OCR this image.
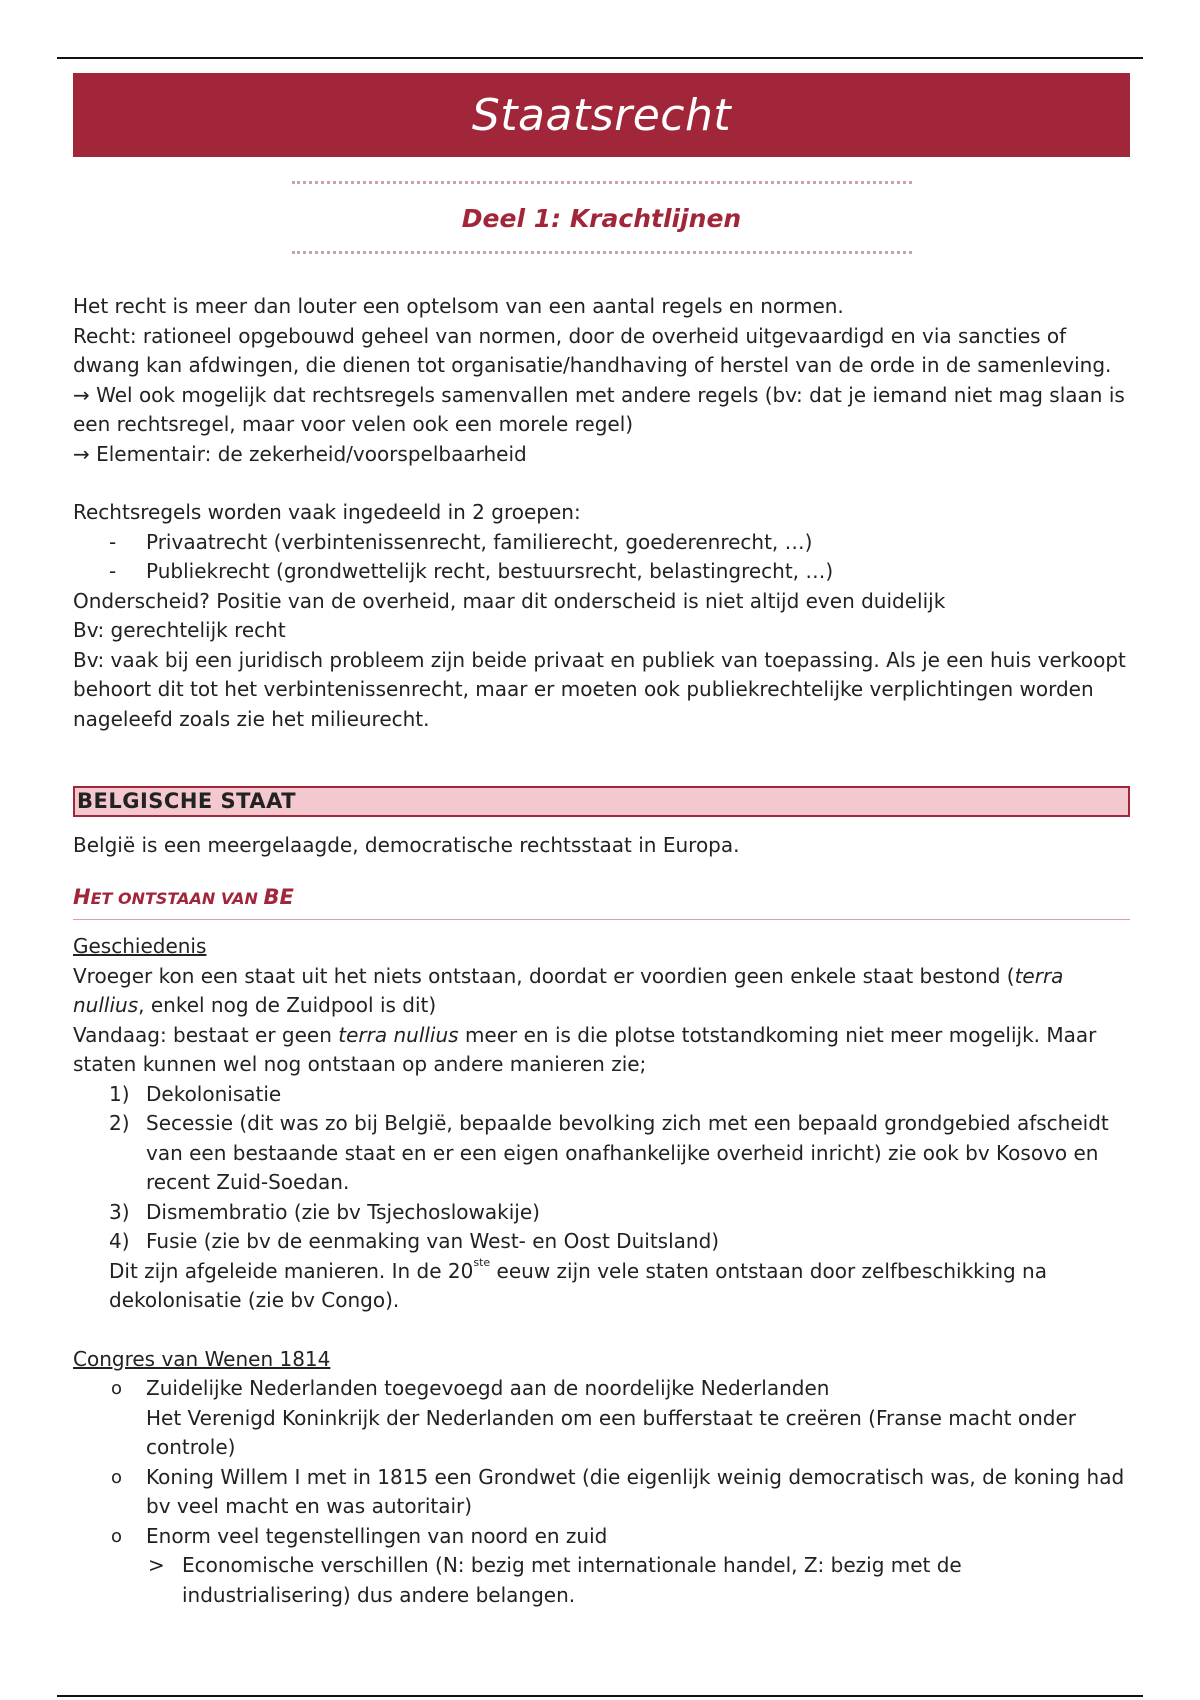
Staatsrecht
Deel 1: Krachtlijnen

Het recht is meer dan louter een optelsom van een aantal regels en normen.

Recht: rationeel opgebouwd geheel van normen, door de overheid uitgevaardigd en via sancties of dwang kan afdwingen, die dienen tot organisatie/handhaving of herstel van de orde in de samenleving.

→ Wel ook mogelijk dat rechtsregels samenvallen met andere regels (bv: dat je iemand niet mag slaan is een rechtsregel, maar voor velen ook een morele regel)

→ Elementair: de zekerheid/voorspelbaarheid

Rechtsregels worden vaak ingedeeld in 2 groepen:

- Privaatrecht (verbintenissenrecht, familierecht, goederenrecht, …)
- Publiekrecht (grondwettelijk recht, bestuursrecht, belastingrecht, …)

Onderscheid? Positie van de overheid, maar dit onderscheid is niet altijd even duidelijk

Bv: gerechtelijk recht

Bv: vaak bij een juridisch probleem zijn beide privaat en publiek van toepassing. Als je een huis verkoopt behoort dit tot het verbintenissenrecht, maar er moeten ook publiekrechtelijke verplichtingen worden nageleefd zoals zie het milieurecht.

BELGISCHE STAAT

België is een meergelaagde, democratische rechtsstaat in Europa.

HET ONTSTAAN VAN BE

Geschiedenis

Vroeger kon een staat uit het niets ontstaan, doordat er voordien geen enkele staat bestond (terra nullius, enkel nog de Zuidpool is dit)

Vandaag: bestaat er geen terra nullius meer en is die plotse totstandkoming niet meer mogelijk. Maar staten kunnen wel nog ontstaan op andere manieren zie;

1) Dekolonisatie
2) Secessie (dit was zo bij België, bepaalde bevolking zich met een bepaald grondgebied afscheidt van een bestaande staat en er een eigen onafhankelijke overheid inricht) zie ook bv Kosovo en recent Zuid-Soedan.
3) Dismembratio (zie bv Tsjechoslowakije)
4) Fusie (zie bv de eenmaking van West- en Oost Duitsland)

Dit zijn afgeleide manieren. In de 20ste eeuw zijn vele staten ontstaan door zelfbeschikking na dekolonisatie (zie bv Congo).

Congres van Wenen 1814

o Zuidelijke Nederlanden toegevoegd aan de noordelijke Nederlanden
Het Verenigd Koninkrijk der Nederlanden om een bufferstaat te creëren (Franse macht onder controle)
o Koning Willem I met in 1815 een Grondwet (die eigenlijk weinig democratisch was, de koning had bv veel macht en was autoritair)
o Enorm veel tegenstellingen van noord en zuid
> Economische verschillen (N: bezig met internationale handel, Z: bezig met de industrialisering) dus andere belangen.
